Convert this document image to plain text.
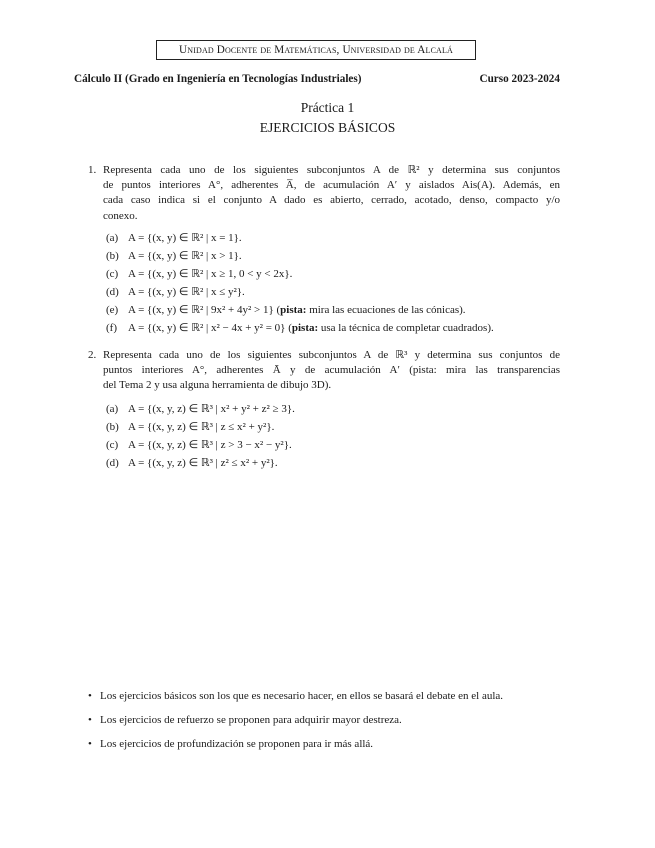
Unidad Docente de Matemáticas, Universidad de Alcalá
Cálculo II (Grado en Ingeniería en Tecnologías Industriales)	Curso 2023-2024
Práctica 1
EJERCICIOS BÁSICOS
1. Representa cada uno de los siguientes subconjuntos A de ℝ² y determina sus conjuntos
de puntos interiores A°, adherentes A̅, de acumulación A′ y aislados Ais(A). Además, en
cada caso indica si el conjunto A dado es abierto, cerrado, acotado, denso, compacto y/o
conexo.
(a) A = {(x, y) ∈ ℝ² | x = 1}.
(b) A = {(x, y) ∈ ℝ² | x > 1}.
(c) A = {(x, y) ∈ ℝ² | x ≥ 1, 0 < y < 2x}.
(d) A = {(x, y) ∈ ℝ² | x ≤ y²}.
(e) A = {(x, y) ∈ ℝ² | 9x² + 4y² > 1} (pista: mira las ecuaciones de las cónicas).
(f) A = {(x, y) ∈ ℝ² | x² − 4x + y² = 0} (pista: usa la técnica de completar cuadrados).
2. Representa cada uno de los siguientes subconjuntos A de ℝ³ y determina sus conjuntos de
puntos interiores A°, adherentes Ā y de acumulación A′ (pista: mira las transparencias
del Tema 2 y usa alguna herramienta de dibujo 3D).
(a) A = {(x, y, z) ∈ ℝ³ | x² + y² + z² ≥ 3}.
(b) A = {(x, y, z) ∈ ℝ³ | z ≤ x² + y²}.
(c) A = {(x, y, z) ∈ ℝ³ | z > 3 − x² − y²}.
(d) A = {(x, y, z) ∈ ℝ³ | z² ≤ x² + y²}.
• Los ejercicios básicos son los que es necesario hacer, en ellos se basará el debate en el aula.
• Los ejercicios de refuerzo se proponen para adquirir mayor destreza.
• Los ejercicios de profundización se proponen para ir más allá.
